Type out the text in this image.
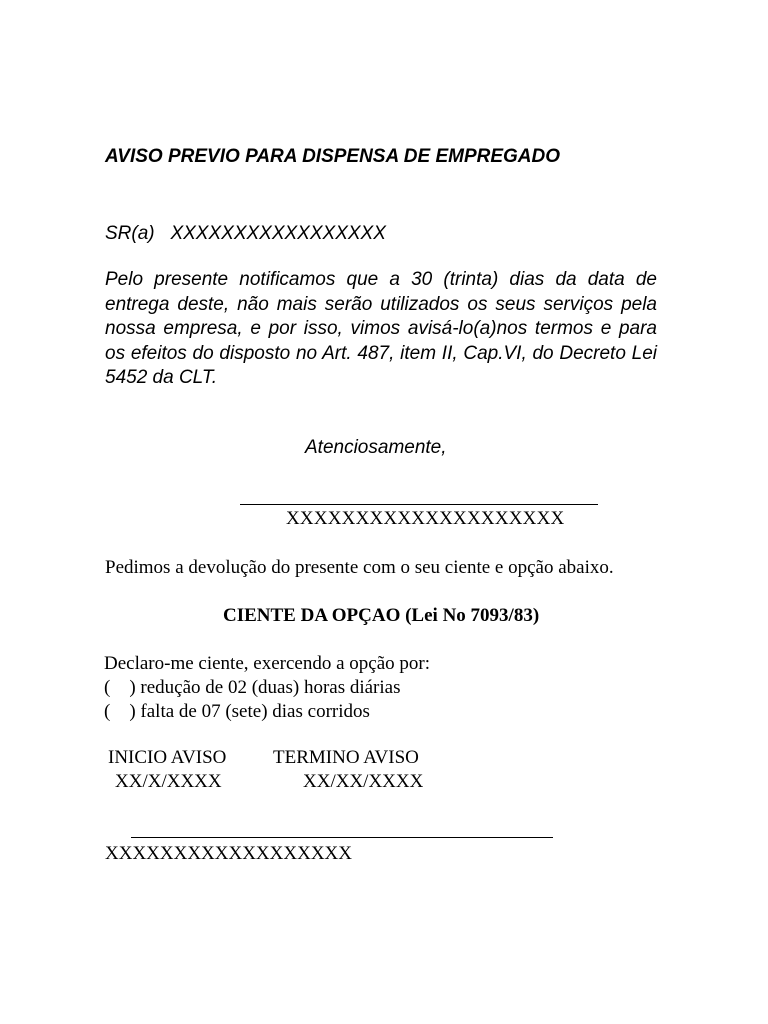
AVISO PREVIO PARA DISPENSA DE EMPREGADO
SR(a)   XXXXXXXXXXXXXXXXX
Pelo presente notificamos que a 30 (trinta) dias da data de entrega deste, não mais serão utilizados os seus serviços pela nossa empresa, e por isso, vimos avisá-lo(a)nos termos e para os efeitos do disposto no Art. 487, item II, Cap.VI, do Decreto Lei 5452 da CLT.
Atenciosamente,
XXXXXXXXXXXXXXXXXXXX
Pedimos a devolução do presente com o seu ciente e opção abaixo.
CIENTE DA OPÇAO (Lei No 7093/83)
Declaro-me ciente, exercendo a opção por:
(    ) redução de 02 (duas) horas diárias
(    ) falta de 07 (sete) dias corridos
INICIO AVISO TERMINO AVISO
XX/X/XXXX	XX/XX/XXXX
XXXXXXXXXXXXXXXXXX
